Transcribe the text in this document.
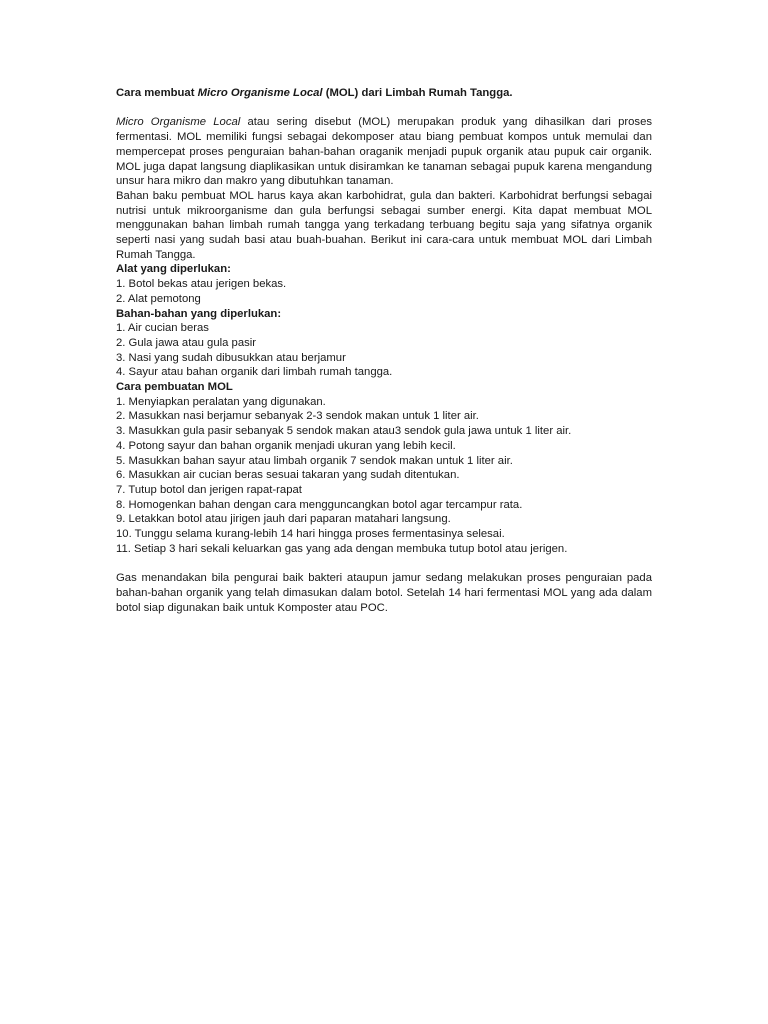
Cara membuat Micro Organisme Local (MOL) dari Limbah Rumah Tangga.

Micro Organisme Local atau sering disebut (MOL) merupakan produk yang dihasilkan dari proses fermentasi. MOL memiliki fungsi sebagai dekomposer atau biang pembuat kompos untuk memulai dan mempercepat proses penguraian bahan-bahan oraganik menjadi pupuk organik atau pupuk cair organik. MOL juga dapat langsung diaplikasikan untuk disiramkan ke tanaman sebagai pupuk karena mengandung unsur hara mikro dan makro yang dibutuhkan tanaman.

Bahan baku pembuat MOL harus kaya akan karbohidrat, gula dan bakteri. Karbohidrat berfungsi sebagai nutrisi untuk mikroorganisme dan gula berfungsi sebagai sumber energi. Kita dapat membuat MOL menggunakan bahan limbah rumah tangga yang terkadang terbuang begitu saja yang sifatnya organik seperti nasi yang sudah basi atau buah-buahan. Berikut ini cara-cara untuk membuat MOL dari Limbah Rumah Tangga.

Alat yang diperlukan:

1. Botol bekas atau jerigen bekas.
2. Alat pemotong

Bahan-bahan yang diperlukan:

1. Air cucian beras
2. Gula jawa atau gula pasir
3. Nasi yang sudah dibusukkan atau berjamur
4. Sayur atau bahan organik dari limbah rumah tangga.

Cara pembuatan MOL

1. Menyiapkan peralatan yang digunakan.
2. Masukkan nasi berjamur sebanyak 2-3 sendok makan untuk 1 liter air.
3. Masukkan gula pasir sebanyak 5 sendok makan atau3 sendok gula jawa untuk 1 liter air.
4. Potong sayur dan bahan organik menjadi ukuran yang lebih kecil.
5. Masukkan bahan sayur atau limbah organik 7 sendok makan untuk 1 liter air.
6. Masukkan air cucian beras sesuai takaran yang sudah ditentukan.
7. Tutup botol dan jerigen rapat-rapat
8. Homogenkan bahan dengan cara mengguncangkan botol agar tercampur rata.
9. Letakkan botol atau jirigen jauh dari paparan matahari langsung.
10. Tunggu selama kurang-lebih 14 hari hingga proses fermentasinya selesai.
11. Setiap 3 hari sekali keluarkan gas yang ada dengan membuka tutup botol atau jerigen.

Gas menandakan bila pengurai baik bakteri ataupun jamur sedang melakukan proses penguraian pada bahan-bahan organik yang telah dimasukan dalam botol. Setelah 14 hari fermentasi MOL yang ada dalam botol siap digunakan baik untuk Komposter atau POC.
